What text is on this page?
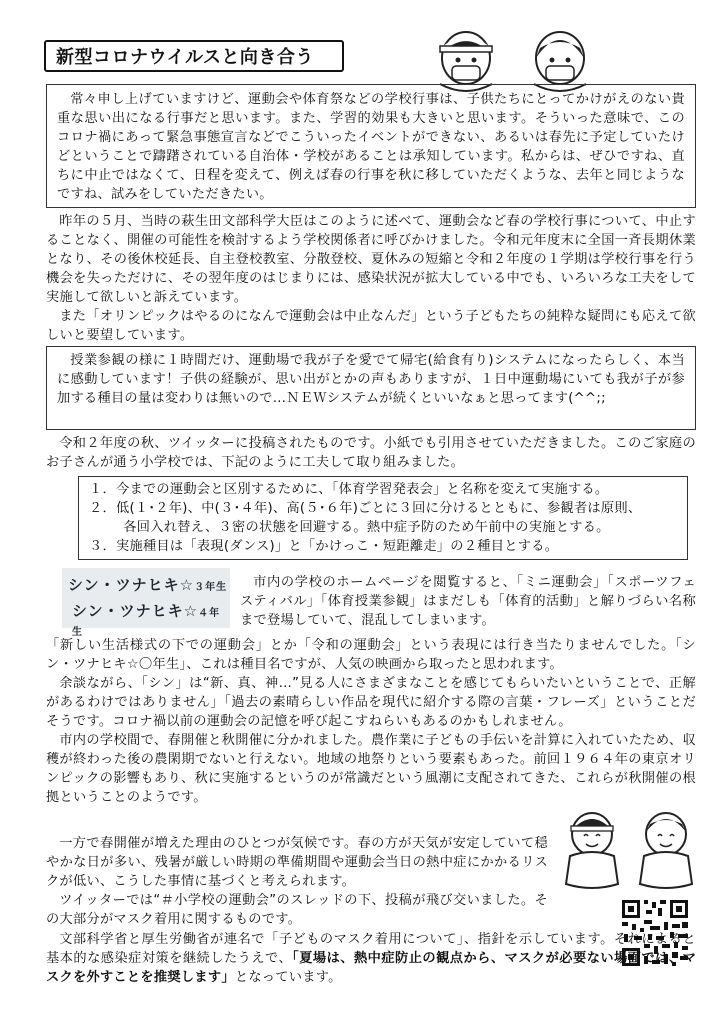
新型コロナウイルスと向き合う

常々申し上げていますけど、運動会や体育祭などの学校行事は、子供たちにとってかけがえのない貴重な思い出になる行事だと思います。また、学習的効果も大きいと思います。そういった意味で、このコロナ禍にあって緊急事態宣言などでこういったイベントができない、あるいは春先に予定していたけどということで躊躇されている自治体・学校があることは承知しています。私からは、ぜひですね、直ちに中止ではなくて、日程を変えて、例えば春の行事を秋に移していただくような、去年と同じようなですね、試みをしていただきたい。

昨年の５月、当時の萩生田文部科学大臣はこのように述べて、運動会など春の学校行事について、中止することなく、開催の可能性を検討するよう学校関係者に呼びかけました。令和元年度末に全国一斉長期休業となり、その後休校延長、自主登校教室、分散登校、夏休みの短縮と令和２年度の１学期は学校行事を行う機会を失っただけに、その翌年度のはじまりには、感染状況が拡大している中でも、いろいろな工夫をして実施して欲しいと訴えています。

また「オリンピックはやるのになんで運動会は中止なんだ」という子どもたちの純粋な疑問にも応えて欲しいと要望しています。

授業参観の様に１時間だけ、運動場で我が子を愛でて帰宅(給食有り)システムになったらしく、本当に感動しています！子供の経験が、思い出がとかの声もありますが、１日中運動場にいても我が子が参加する種目の量は変わりは無いので…ＮＥＷシステムが続くといいなぁと思ってます(^^;;

令和２年度の秋、ツイッターに投稿されたものです。小紙でも引用させていただきました。このご家庭のお子さんが通う小学校では、下記のように工夫して取り組みました。

１．今までの運動会と区別するために、「体育学習発表会」と名称を変えて実施する。

２．低(１･２年)、中(３･４年)、高(５･６年)ごとに３回に分けるとともに、参観者は原則、

各回入れ替え、３密の状態を回避する。熱中症予防のため午前中の実施とする。

３．実施種目は「表現(ダンス)」と「かけっこ・短距離走」の２種目とする。

シン・ツナヒキ☆３年生
シン・ツナヒキ☆４年生

市内の学校のホームページを閲覧すると、「ミニ運動会」「スポーツフェスティバル」「体育授業参観」はまだしも「体育的活動」と解りづらい名称まで登場していて、混乱してしまいます。

「新しい生活様式の下での運動会」とか「令和の運動会」という表現には行き当たりませんでした。「シン・ツナヒキ☆〇年生」、これは種目名ですが、人気の映画から取ったと思われます。

余談ながら、「シン」は“新、真、神…”見る人にさまざまなことを感じてもらいたいということで、正解があるわけではありません」「過去の素晴らしい作品を現代に紹介する際の言葉・フレーズ」ということだそうです。コロナ禍以前の運動会の記憶を呼び起こすねらいもあるのかもしれません。

市内の学校間で、春開催と秋開催に分かれました。農作業に子どもの手伝いを計算に入れていたため、収穫が終わった後の農閑期でないと行えない。地域の地祭りという要素もあった。前回１９６４年の東京オリンピックの影響もあり、秋に実施するというのが常識だという風潮に支配されてきた、これらが秋開催の根拠ということのようです。

一方で春開催が増えた理由のひとつが気候です。春の方が天気が安定していて穏やかな日が多い、残暑が厳しい時期の準備期間や運動会当日の熱中症にかかるリスクが低い、こうした事情に基づくと考えられます。

ツイッターでは“＃小学校の運動会”のスレッドの下、投稿が飛び交いました。その大部分がマスク着用に関するものです。

文部科学省と厚生労働省が連名で「子どものマスク着用について」、指針を示しています。それによると基本的な感染症対策を継続したうえで、「夏場は、熱中症防止の観点から、マスクが必要ない場面では、マスクを外すことを推奨します」となっています。
